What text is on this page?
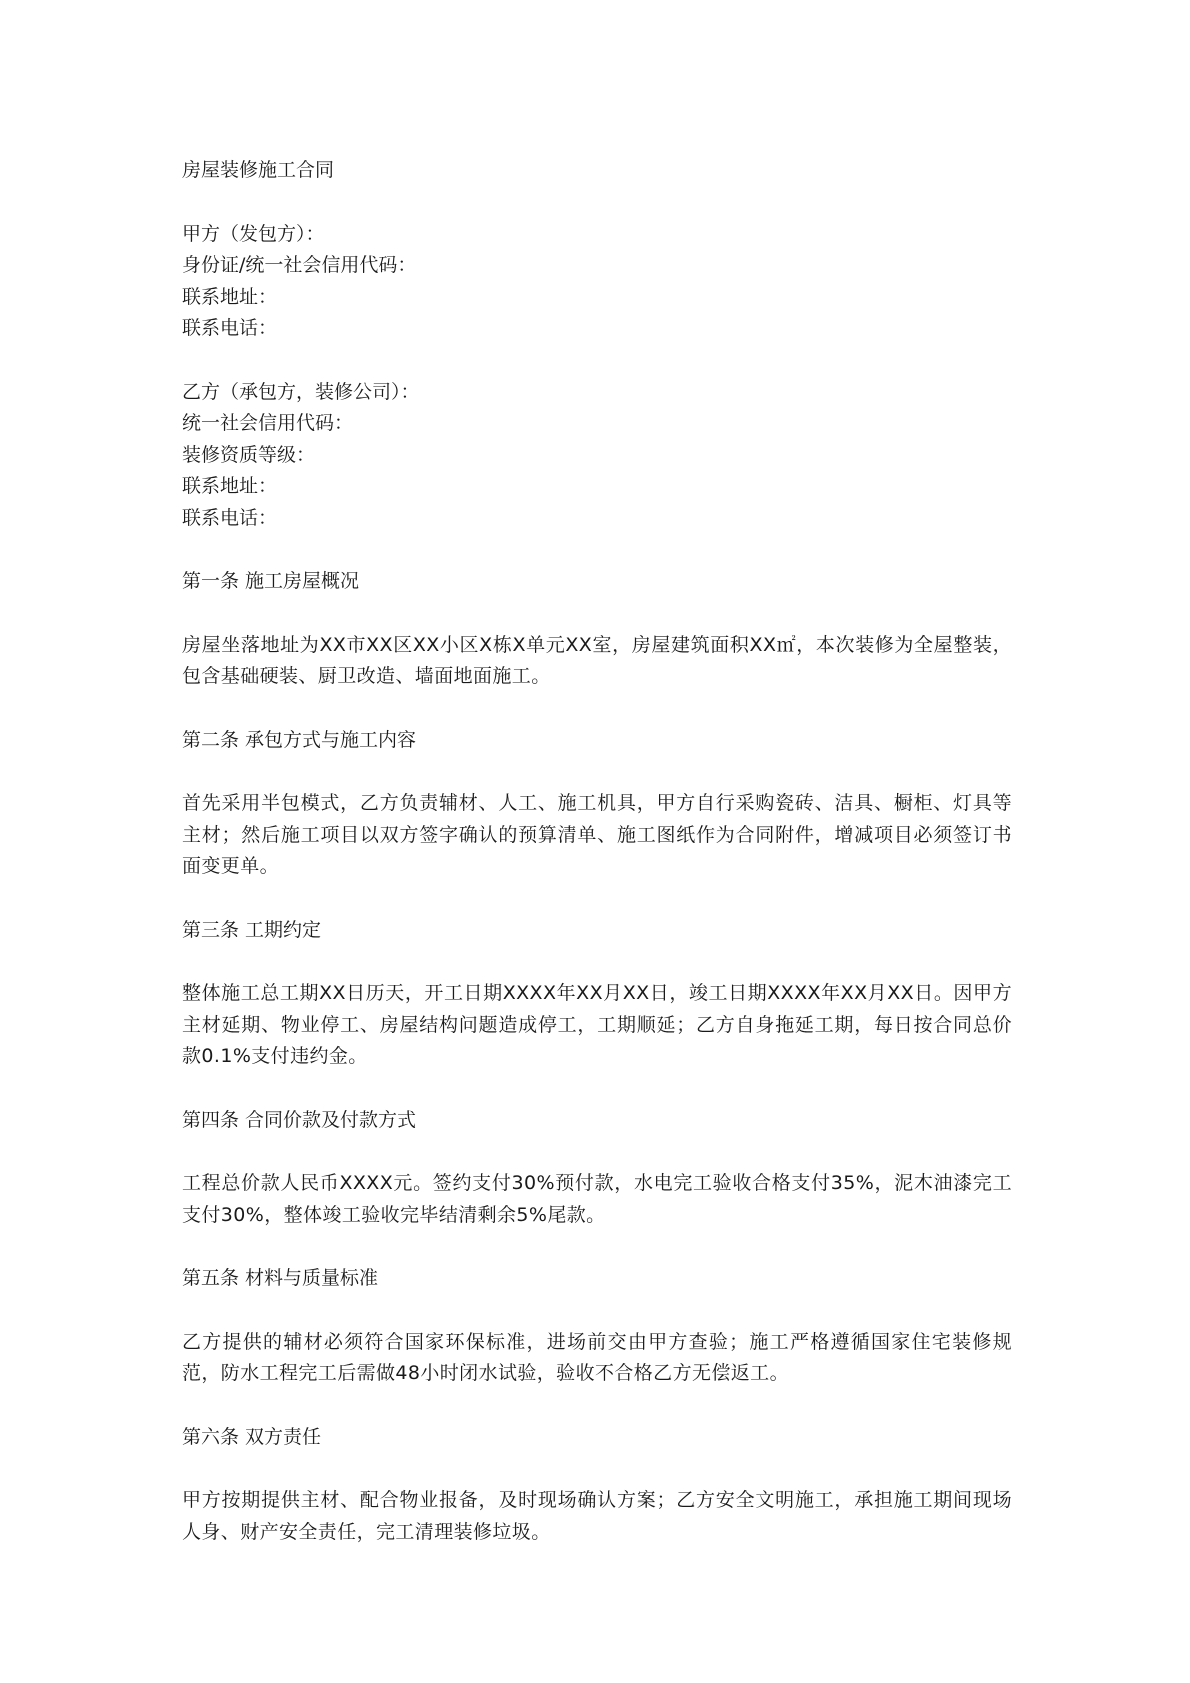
房屋装修施工合同
甲方（发包方）：
身份证/统一社会信用代码：
联系地址：
联系电话：
乙方（承包方，装修公司）：
统一社会信用代码：
装修资质等级：
联系地址：
联系电话：
第一条 施工房屋概况
房屋坐落地址为XX市XX区XX小区X栋X单元XX室，房屋建筑面积XX㎡，本次装修为全屋整装，包含基础硬装、厨卫改造、墙面地面施工。
第二条 承包方式与施工内容
首先采用半包模式，乙方负责辅材、人工、施工机具，甲方自行采购瓷砖、洁具、橱柜、灯具等主材；然后施工项目以双方签字确认的预算清单、施工图纸作为合同附件，增减项目必须签订书面变更单。
第三条 工期约定
整体施工总工期XX日历天，开工日期XXXX年XX月XX日，竣工日期XXXX年XX月XX日。因甲方主材延期、物业停工、房屋结构问题造成停工，工期顺延；乙方自身拖延工期，每日按合同总价款0.1%支付违约金。
第四条 合同价款及付款方式
工程总价款人民币XXXX元。签约支付30%预付款，水电完工验收合格支付35%，泥木油漆完工支付30%，整体竣工验收完毕结清剩余5%尾款。
第五条 材料与质量标准
乙方提供的辅材必须符合国家环保标准，进场前交由甲方查验；施工严格遵循国家住宅装修规范，防水工程完工后需做48小时闭水试验，验收不合格乙方无偿返工。
第六条 双方责任
甲方按期提供主材、配合物业报备，及时现场确认方案；乙方安全文明施工，承担施工期间现场人身、财产安全责任，完工清理装修垃圾。
